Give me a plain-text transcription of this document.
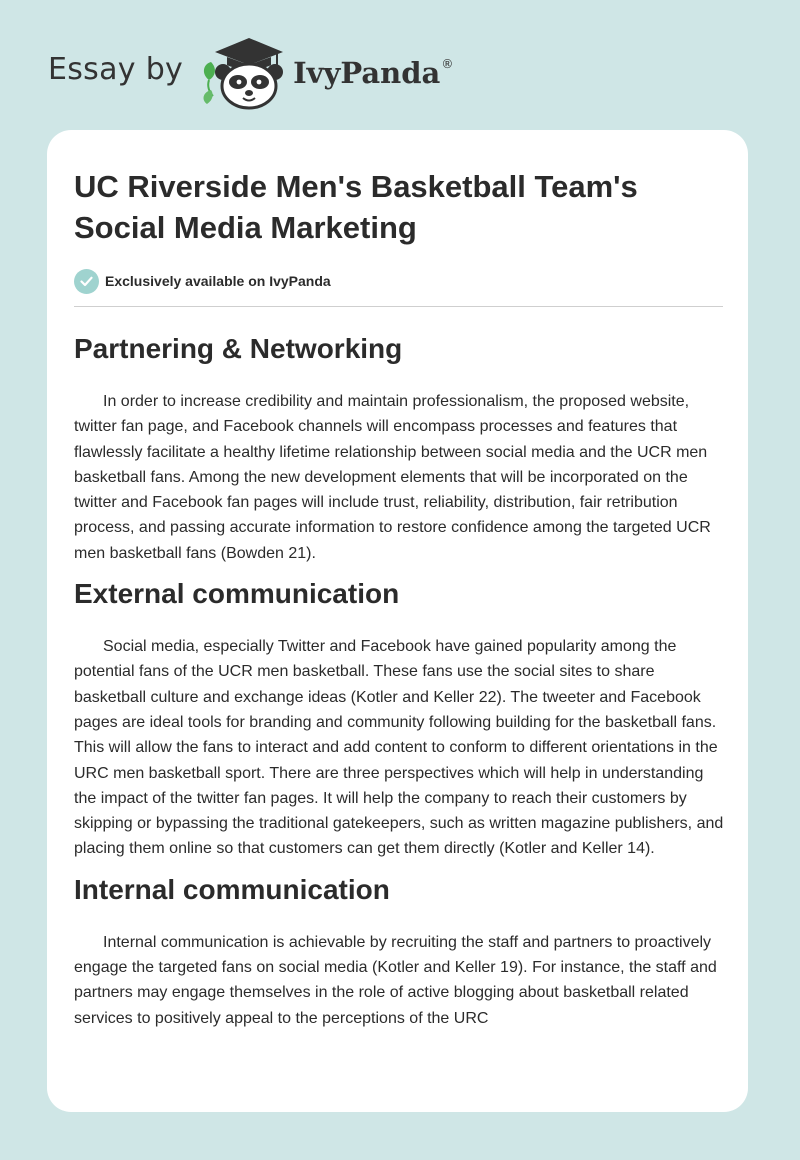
Essay by	IvyPanda®
UC Riverside Men's Basketball Team's
Social Media Marketing
Exclusively available on IvyPanda
Partnering & Networking

In order to increase credibility and maintain professionalism, the proposed website, twitter fan page, and Facebook channels will encompass processes and features that flawlessly facilitate a healthy lifetime relationship between social media and the UCR men basketball fans. Among the new development elements that will be incorporated on the twitter and Facebook fan pages will include trust, reliability, distribution, fair retribution process, and passing accurate information to restore confidence among the targeted UCR men basketball fans (Bowden 21).

External communication

Social media, especially Twitter and Facebook have gained popularity among the potential fans of the UCR men basketball. These fans use the social sites to share basketball culture and exchange ideas (Kotler and Keller 22). The tweeter and Facebook pages are ideal tools for branding and community following building for the basketball fans. This will allow the fans to interact and add content to conform to different orientations in the URC men basketball sport. There are three perspectives which will help in understanding the impact of the twitter fan pages. It will help the company to reach their customers by skipping or bypassing the traditional gatekeepers, such as written magazine publishers, and placing them online so that customers can get them directly (Kotler and Keller 14).

Internal communication

Internal communication is achievable by recruiting the staff and partners to proactively engage the targeted fans on social media (Kotler and Keller 19). For instance, the staff and partners may engage themselves in the role of active blogging about basketball related services to positively appeal to the perceptions of the URC
